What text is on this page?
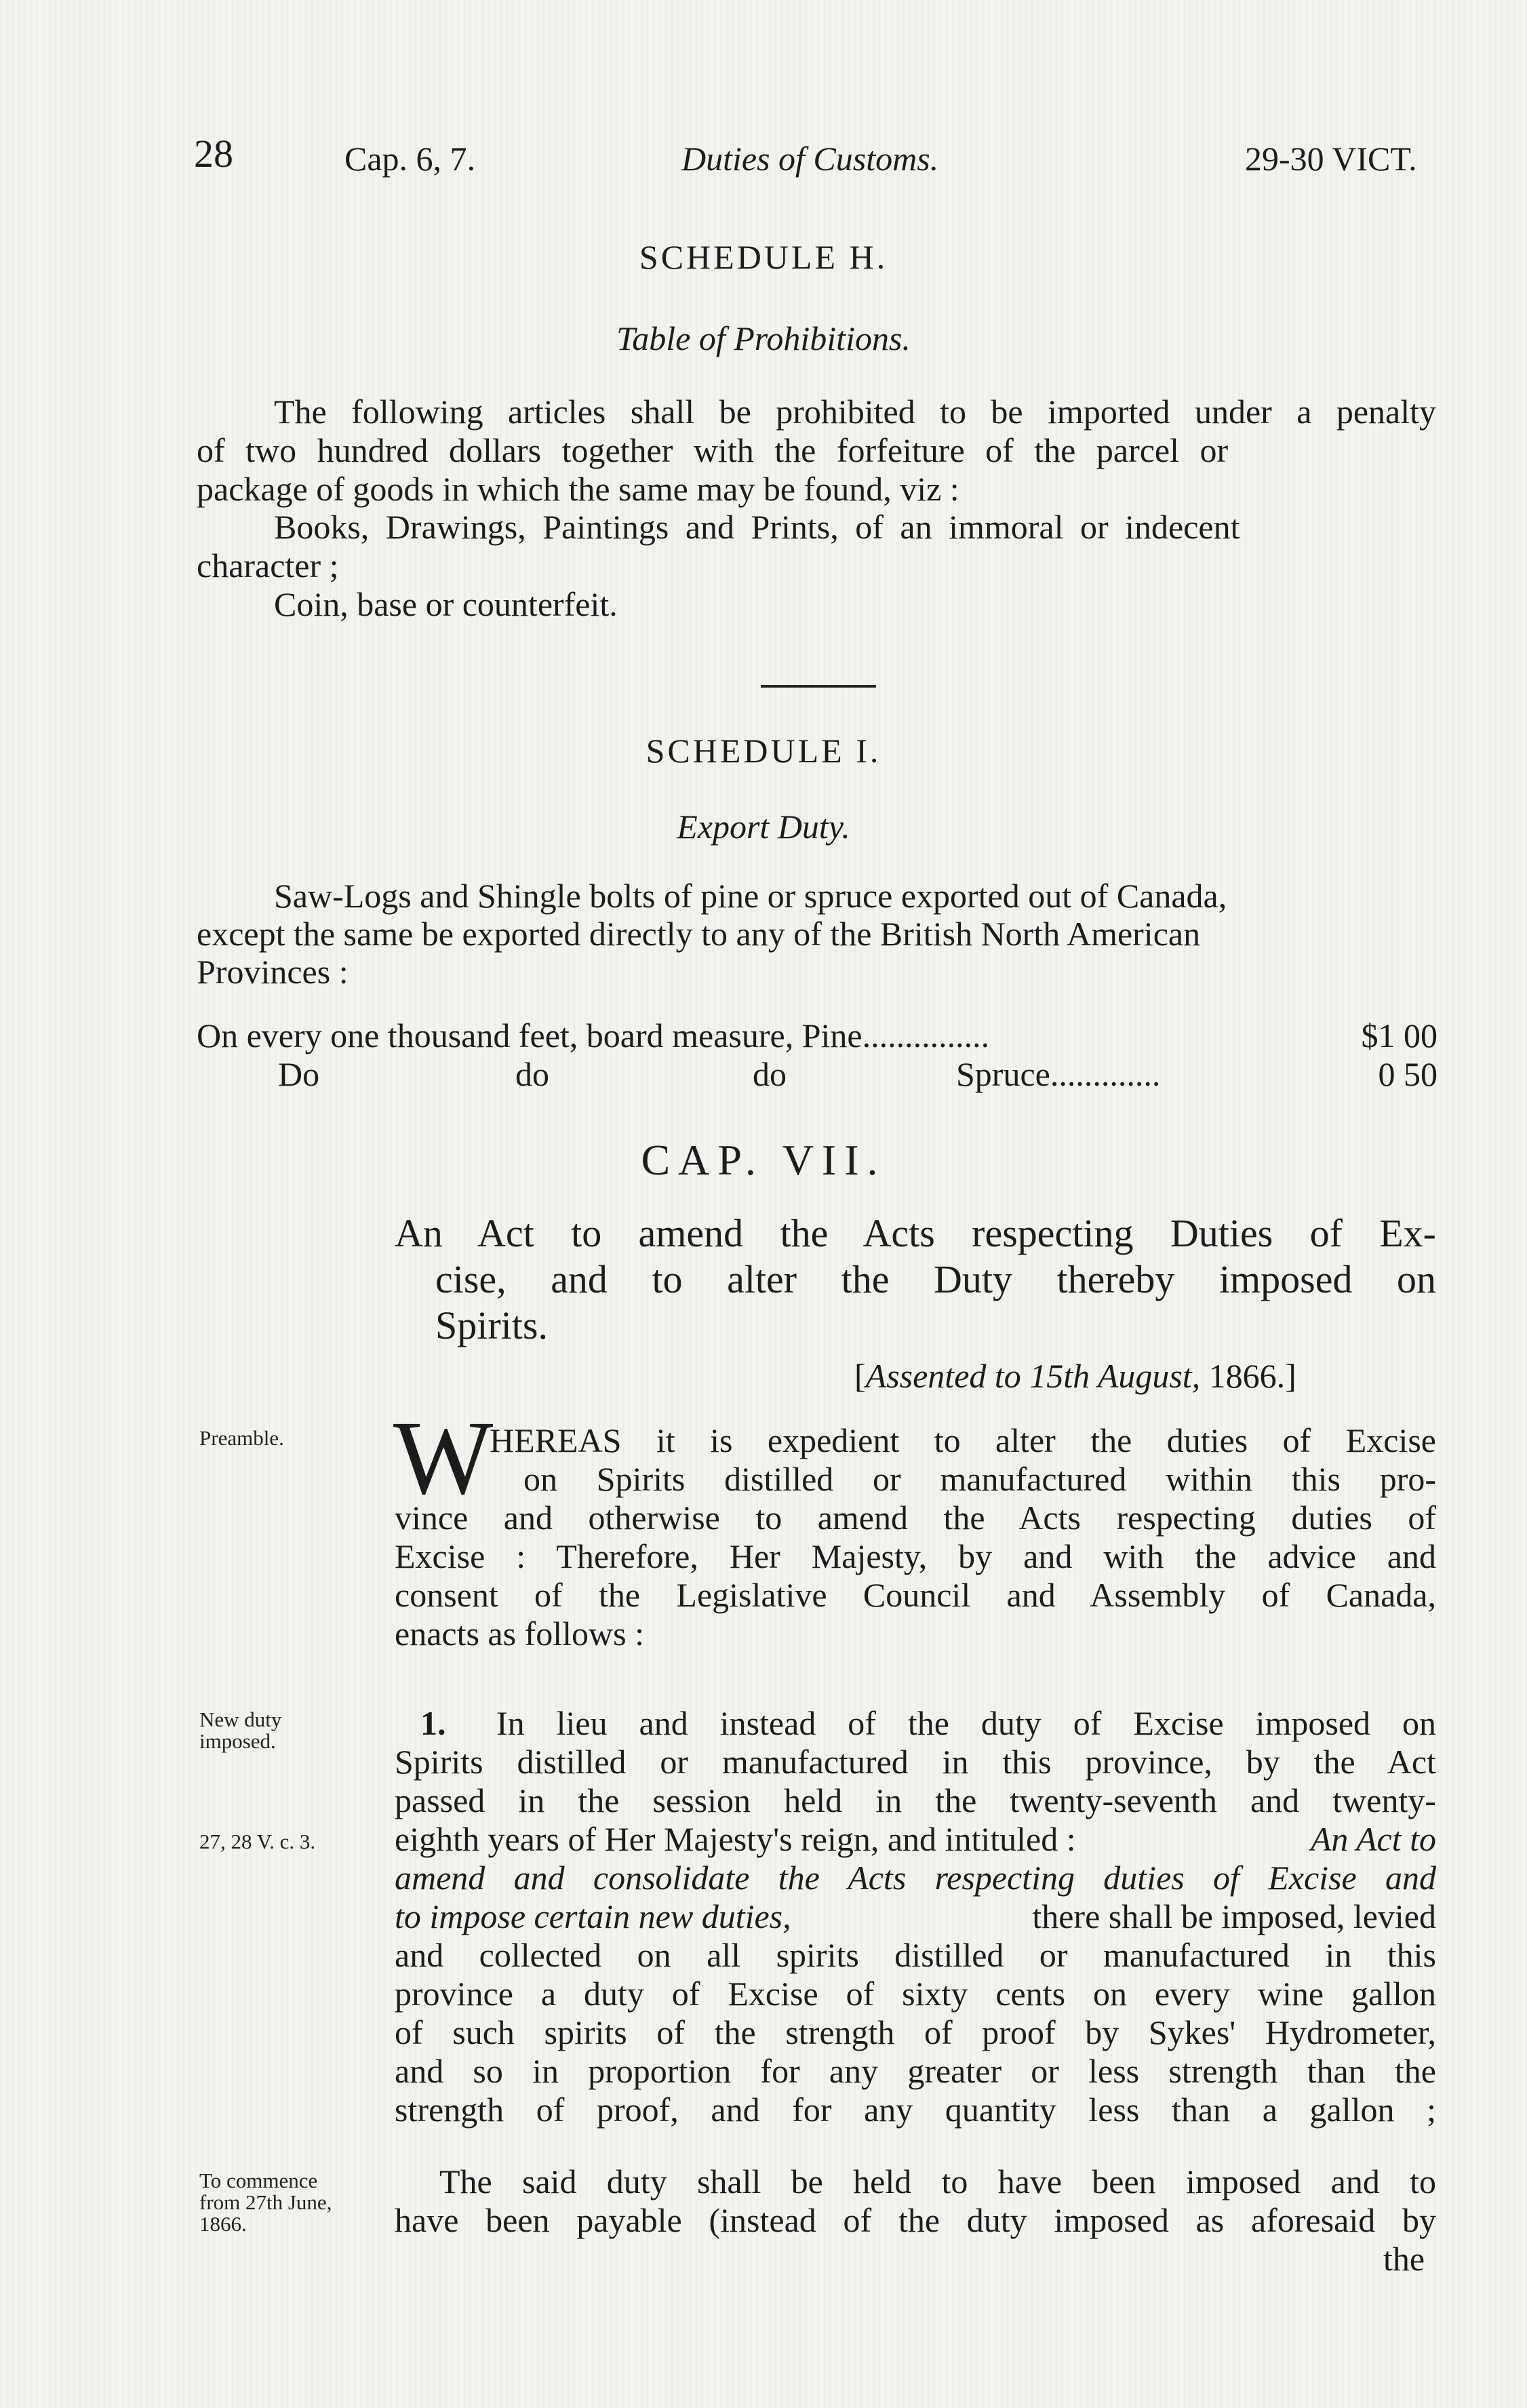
28	Cap. 6, 7.	Duties of Customs.	29-30 VICT.
SCHEDULE H.
Table of Prohibitions.
The following articles shall be prohibited to be imported under a penalty
of two hundred dollars together with the forfeiture of the parcel or
package of goods in which the same may be found, viz :
Books, Drawings, Paintings and Prints, of an immoral or indecent
character ;
Coin, base or counterfeit.
SCHEDULE I.
Export Duty.
Saw-Logs and Shingle bolts of pine or spruce exported out of Canada,
except the same be exported directly to any of the British North American
Provinces :
On every one thousand feet, board measure, Pine...............	$1 00
Do	do	do	Spruce.............	0 50
CAP. VII.
An Act to amend the Acts respecting Duties of Ex-
cise, and to alter the Duty thereby imposed on
Spirits.
[Assented to 15th August, 1866.]
Preamble. W
HEREAS it is expedient to alter the duties of Excise
on Spirits distilled or manufactured within this pro-
vince and otherwise to amend the Acts respecting duties of
Excise : Therefore, Her Majesty, by and with the advice and
consent of the Legislative Council and Assembly of Canada,
enacts as follows :
New duty
imposed.
27, 28 V. c. 3.
1. In lieu and instead of the duty of Excise imposed on
Spirits distilled or manufactured in this province, by the Act
passed in the session held in the twenty-seventh and twenty-
eighth years of Her Majesty's reign, and intituled :	An Act to
amend and consolidate the Acts respecting duties of Excise and
to impose certain new duties,	there shall be imposed, levied
and collected on all spirits distilled or manufactured in this
province a duty of Excise of sixty cents on every wine gallon
of such spirits of the strength of proof by Sykes' Hydrometer,
and so in proportion for any greater or less strength than the
strength of proof, and for any quantity less than a gallon ;
To commence
from 27th June,
1866.
The said duty shall be held to have been imposed and to
have been payable (instead of the duty imposed as aforesaid by
the
